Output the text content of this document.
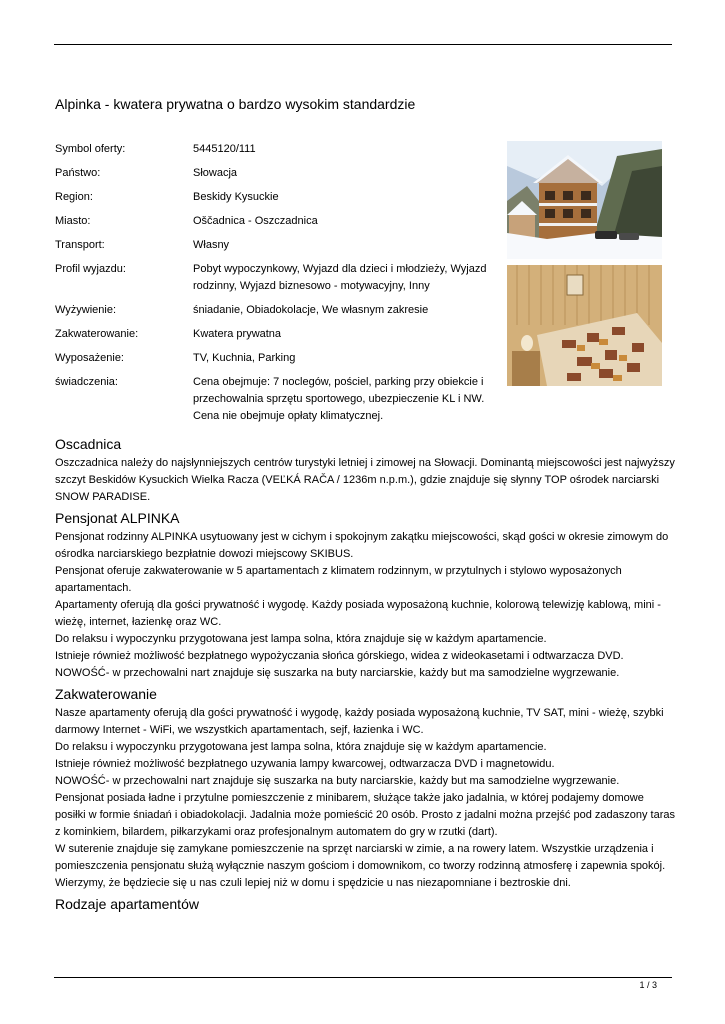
Alpinka - kwatera prywatna o bardzo wysokim standardzie
Symbol oferty:	5445120/111
Państwo:	Słowacja
Region:	Beskidy Kysuckie
Miasto:	Oščadnica - Oszczadnica
Transport:	Własny
Profil wyjazdu:	Pobyt wypoczynkowy, Wyjazd dla dzieci i młodzieży, Wyjazd rodzinny, Wyjazd biznesowo - motywacyjny, Inny
Wyżywienie:	śniadanie, Obiadokolacje, We własnym zakresie
Zakwaterowanie:	Kwatera prywatna
Wyposażenie:	TV, Kuchnia, Parking
świadczenia:	Cena obejmuje: 7 noclegów, pościel, parking przy obiekcie i przechowalnia sprzętu sportowego, ubezpieczenie KL i NW. Cena nie obejmuje opłaty klimatycznej.
Oscadnica

Oszczadnica należy do najsłynniejszych centrów turystyki letniej i zimowej na Słowacji. Dominantą miejscowości jest najwyższy szczyt Beskidów Kysuckich Wielka Racza (VEĽKÁ RAČA / 1236m n.p.m.), gdzie znajduje się słynny TOP ośrodek narciarski SNOW PARADISE.

Pensjonat ALPINKA

Pensjonat rodzinny ALPINKA usytuowany jest w cichym i spokojnym zakątku miejscowości, skąd gości w okresie zimowym do ośrodka narciarskiego bezpłatnie dowozi miejscowy SKIBUS.

Pensjonat oferuje zakwaterowanie w 5 apartamentach z klimatem rodzinnym, w przytulnych i stylowo wyposażonych apartamentach.

Apartamenty oferują dla gości prywatność i wygodę. Każdy posiada wyposażoną kuchnie, kolorową telewizję kablową, mini - wieżę, internet, łazienkę oraz WC.

Do relaksu i wypoczynku przygotowana jest lampa solna, która znajduje się w każdym apartamencie.

Istnieje również możliwość bezpłatnego wypożyczania słońca górskiego, widea z wideokasetami i odtwarzacza DVD.

NOWOŚĆ- w przechowalni nart znajduje się suszarka na buty narciarskie, każdy but ma samodzielne wygrzewanie.

Zakwaterowanie

Nasze apartamenty oferują dla gości prywatność i wygodę, każdy posiada wyposażoną kuchnie, TV SAT, mini - wieżę, szybki darmowy Internet - WiFi, we wszystkich apartamentach, sejf, łazienka i WC.

Do relaksu i wypoczynku przygotowana jest lampa solna, która znajduje się w każdym apartamencie.

Istnieje również możliwość bezpłatnego uzywania lampy kwarcowej, odtwarzacza DVD i magnetowidu.

NOWOŚĆ- w przechowalni nart znajduje się suszarka na buty narciarskie, każdy but ma samodzielne wygrzewanie.

Pensjonat posiada ładne i przytulne pomieszczenie z minibarem, służące także jako jadalnia, w której podajemy domowe posiłki w formie śniadań i obiadokolacji. Jadalnia może pomieścić 20 osób. Prosto z jadalni można przejść pod zadaszony taras z kominkiem, bilardem, piłkarzykami oraz profesjonalnym automatem do gry w rzutki (dart).

W suterenie znajduje się zamykane pomieszczenie na sprzęt narciarski w zimie, a na rowery latem. Wszystkie urządzenia i pomieszczenia pensjonatu służą wyłącznie naszym gościom i domownikom, co tworzy rodzinną atmosferę i zapewnia spokój. Wierzymy, że będziecie się u nas czuli lepiej niż w domu i spędzicie u nas niezapomniane i beztroskie dni.

Rodzaje apartamentów
1 / 3
